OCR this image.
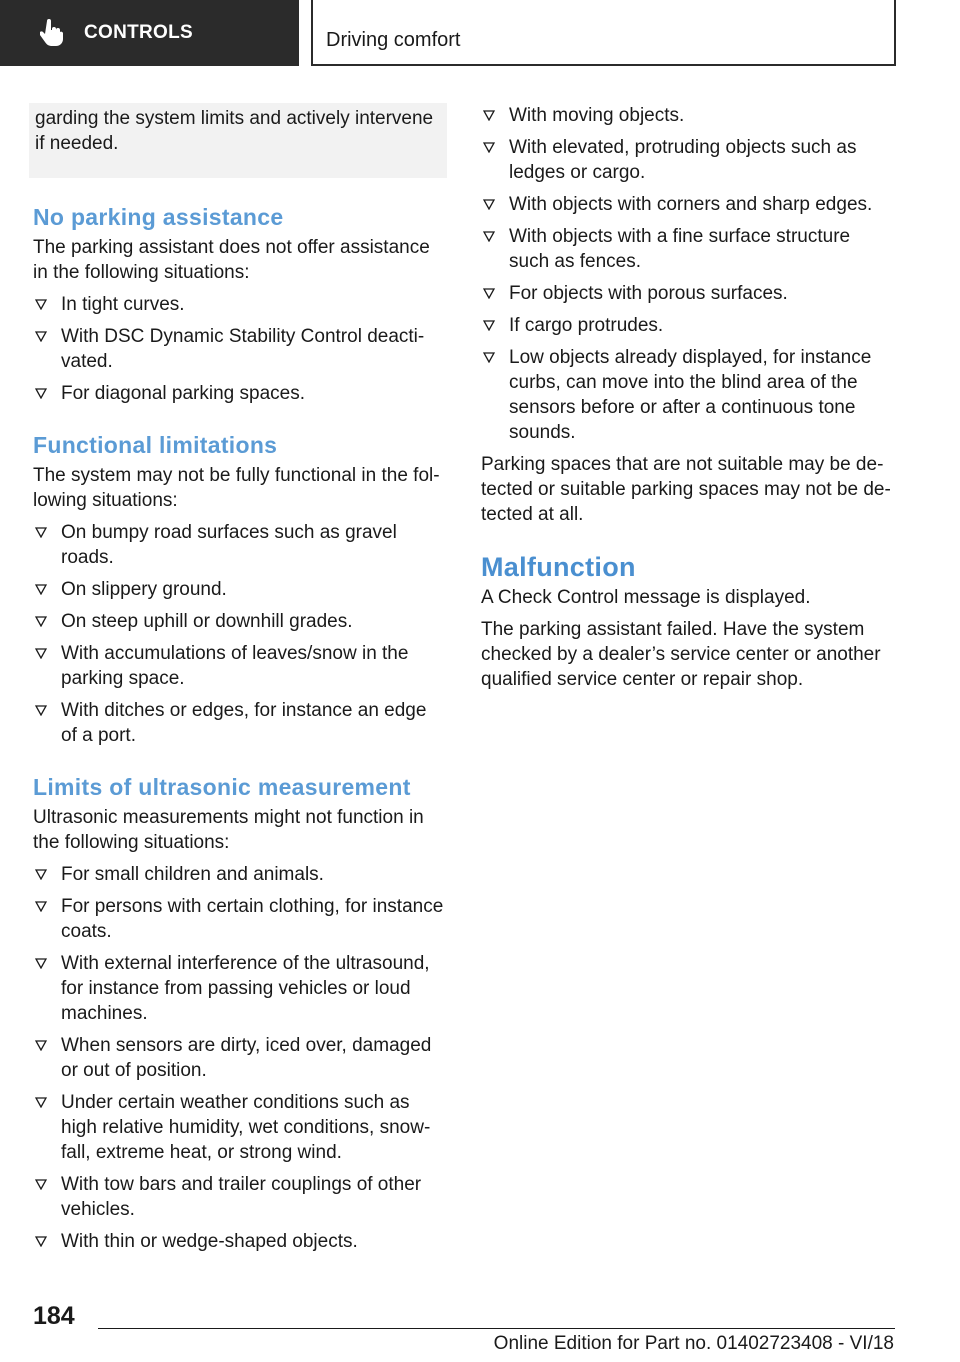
CONTROLS	Driving comfort

garding the system limits and actively intervene if needed.

No parking assistance

The parking assistant does not offer assistance in the following situations:

In tight curves.
With DSC Dynamic Stability Control deacti-vated.
For diagonal parking spaces.
Functional limitations

The system may not be fully functional in the fol-lowing situations:

On bumpy road surfaces such as gravel roads.
On slippery ground.
On steep uphill or downhill grades.
With accumulations of leaves/snow in the parking space.
With ditches or edges, for instance an edge of a port.
Limits of ultrasonic measurement

Ultrasonic measurements might not function in the following situations:

For small children and animals.
For persons with certain clothing, for instance coats.
With external interference of the ultrasound, for instance from passing vehicles or loud machines.
When sensors are dirty, iced over, damaged or out of position.
Under certain weather conditions such as high relative humidity, wet conditions, snow-fall, extreme heat, or strong wind.
With tow bars and trailer couplings of other vehicles.
With thin or wedge-shaped objects.
With moving objects.
With elevated, protruding objects such as ledges or cargo.
With objects with corners and sharp edges.
With objects with a fine surface structure such as fences.
For objects with porous surfaces.
If cargo protrudes.
Low objects already displayed, for instance curbs, can move into the blind area of the sensors before or after a continuous tone sounds.

Parking spaces that are not suitable may be de-tected or suitable parking spaces may not be de-tected at all.

Malfunction

A Check Control message is displayed.

The parking assistant failed. Have the system checked by a dealer’s service center or another qualified service center or repair shop.

184
Online Edition for Part no. 01402723408 - VI/18
